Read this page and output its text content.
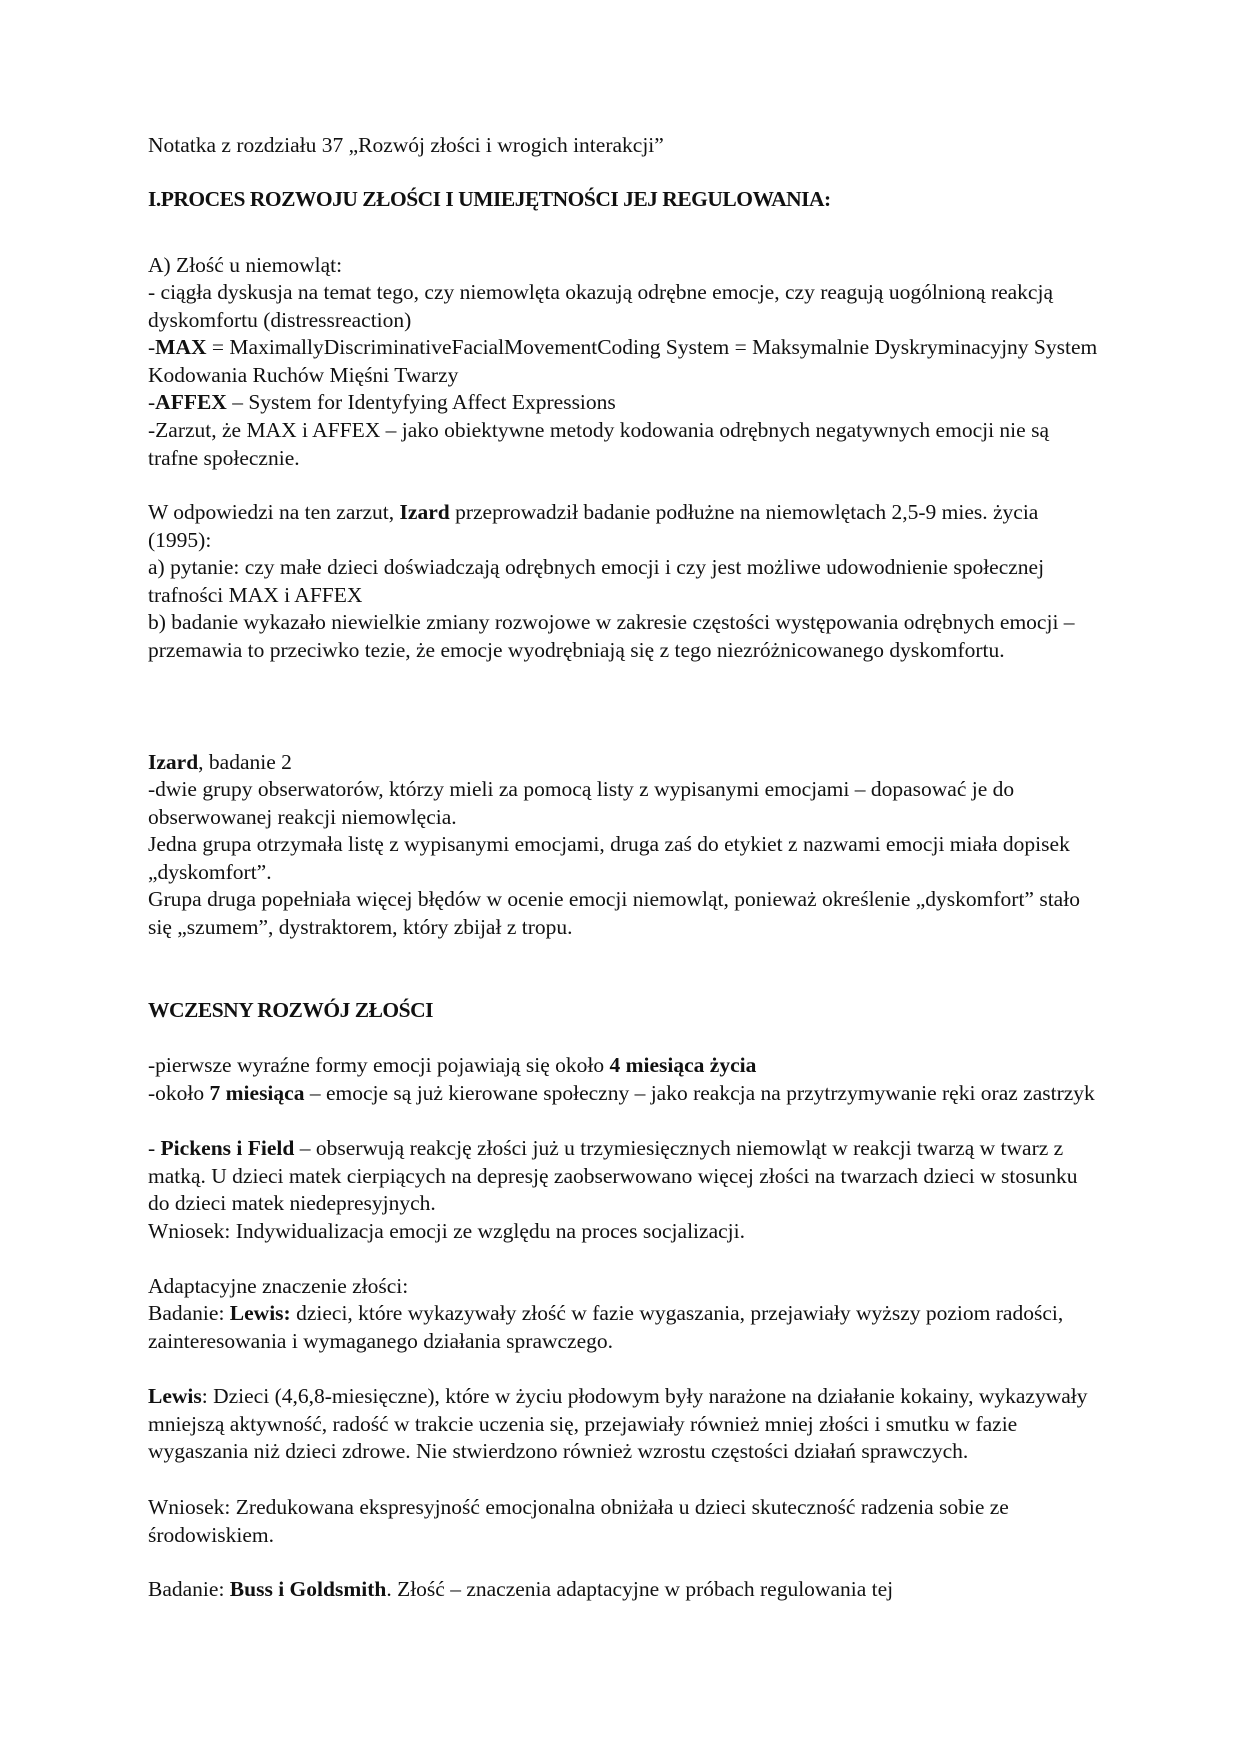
Notatka z rozdziału 37 „Rozwój złości i wrogich interakcji”

I.PROCES ROZWOJU ZŁOŚCI I UMIEJĘTNOŚCI JEJ REGULOWANIA:

A) Złość u niemowląt:

- ciągła dyskusja na temat tego, czy niemowlęta okazują odrębne emocje, czy reagują uogólnioną reakcją dyskomfortu (distressreaction)

-MAX = MaximallyDiscriminativeFacialMovementCoding System = Maksymalnie Dyskryminacyjny System Kodowania Ruchów Mięśni Twarzy

-AFFEX – System for Identyfying Affect Expressions

-Zarzut, że MAX i AFFEX – jako obiektywne metody kodowania odrębnych negatywnych emocji nie są trafne społecznie.

W odpowiedzi na ten zarzut, Izard przeprowadził badanie podłużne na niemowlętach 2,5-9 mies. życia (1995):

a) pytanie: czy małe dzieci doświadczają odrębnych emocji i czy jest możliwe udowodnienie społecznej trafności MAX i AFFEX

b) badanie wykazało niewielkie zmiany rozwojowe w zakresie częstości występowania odrębnych emocji – przemawia to przeciwko tezie, że emocje wyodrębniają się z tego niezróżnicowanego dyskomfortu.

Izard, badanie 2

-dwie grupy obserwatorów, którzy mieli za pomocą listy z wypisanymi emocjami – dopasować je do obserwowanej reakcji niemowlęcia.

Jedna grupa otrzymała listę z wypisanymi emocjami, druga zaś do etykiet z nazwami emocji miała dopisek „dyskomfort”.

Grupa druga popełniała więcej błędów w ocenie emocji niemowląt, ponieważ określenie „dyskomfort” stało się „szumem”, dystraktorem, który zbijał z tropu.

WCZESNY ROZWÓJ ZŁOŚCI

-pierwsze wyraźne formy emocji pojawiają się około 4 miesiąca życia

-około 7 miesiąca – emocje są już kierowane społeczny – jako reakcja na przytrzymywanie ręki oraz zastrzyk

- Pickens i Field – obserwują reakcję złości już u trzymiesięcznych niemowląt w reakcji twarzą w twarz z matką. U dzieci matek cierpiących na depresję zaobserwowano więcej złości na twarzach dzieci w stosunku do dzieci matek niedepresyjnych.

Wniosek: Indywidualizacja emocji ze względu na proces socjalizacji.

Adaptacyjne znaczenie złości:

Badanie: Lewis: dzieci, które wykazywały złość w fazie wygaszania, przejawiały wyższy poziom radości, zainteresowania i wymaganego działania sprawczego.

Lewis: Dzieci (4,6,8-miesięczne), które w życiu płodowym były narażone na działanie kokainy, wykazywały mniejszą aktywność, radość w trakcie uczenia się, przejawiały również mniej złości i smutku w fazie wygaszania niż dzieci zdrowe. Nie stwierdzono również wzrostu częstości działań sprawczych.

Wniosek: Zredukowana ekspresyjność emocjonalna obniżała u dzieci skuteczność radzenia sobie ze środowiskiem.

Badanie: Buss i Goldsmith. Złość – znaczenia adaptacyjne w próbach regulowania tej
